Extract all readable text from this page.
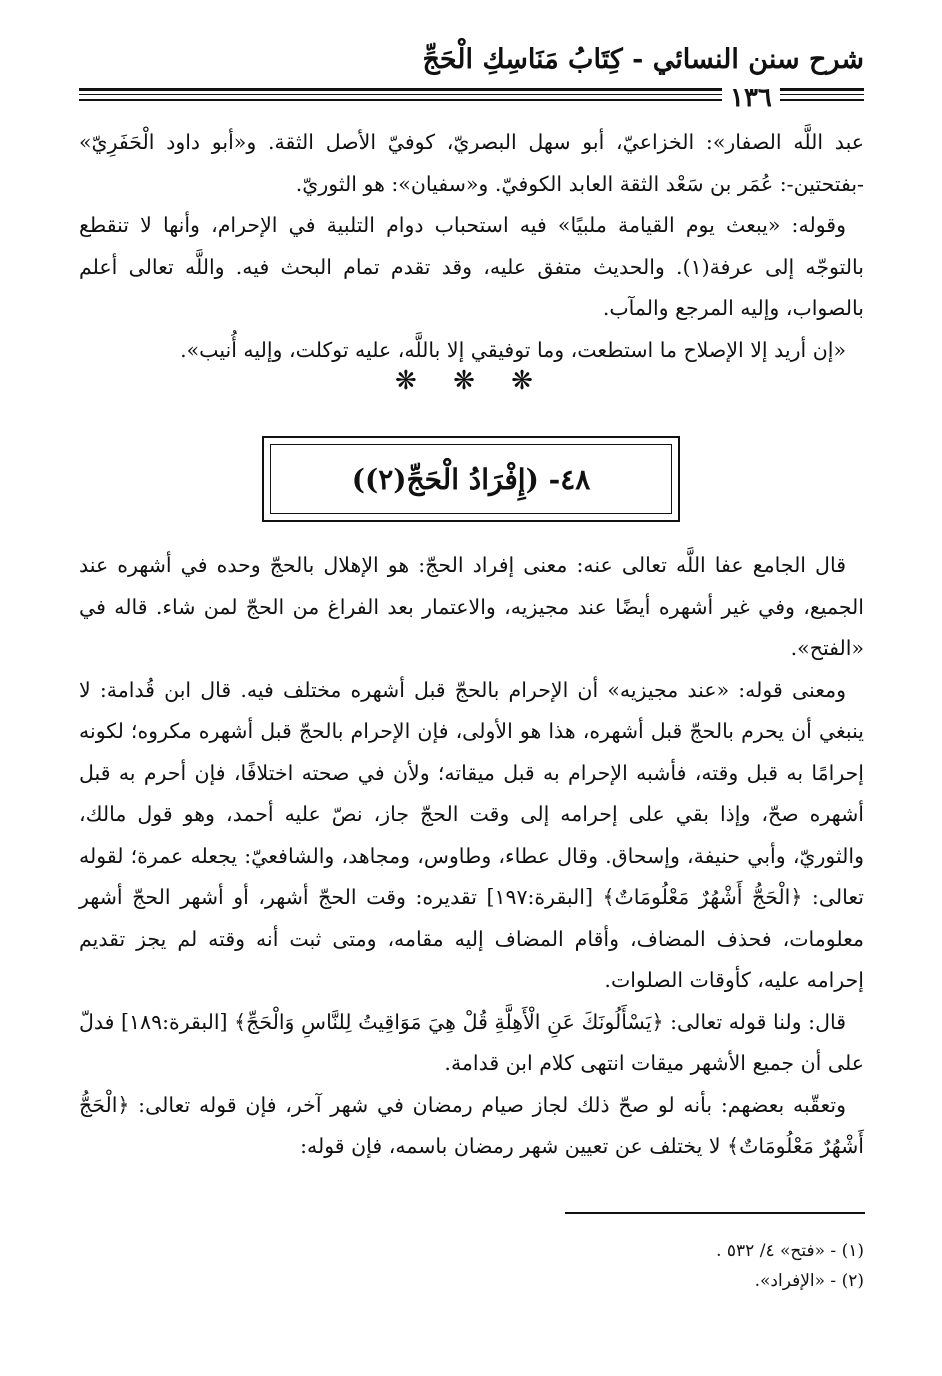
شرح سنن النسائي - كِتَابُ مَنَاسِكِ الْحَجِّ
١٣٦

عبد اللَّه الصفار»: الخزاعيّ، أبو سهل البصريّ، كوفيّ الأصل الثقة. و«أبو داود الْحَفَرِيّ» -بفتحتين-: عُمَر بن سَعْد الثقة العابد الكوفيّ. و«سفيان»: هو الثوريّ.

وقوله: «يبعث يوم القيامة ملبيًا» فيه استحباب دوام التلبية في الإحرام، وأنها لا تنقطع بالتوجّه إلى عرفة(١). والحديث متفق عليه، وقد تقدم تمام البحث فيه. واللَّه تعالى أعلم بالصواب، وإليه المرجع والمآب.

«إن أريد إلا الإصلاح ما استطعت، وما توفيقي إلا باللَّه، عليه توكلت، وإليه أُنيب».

❋ ❋ ❋
٤٨- (إِفْرَادُ الْحَجِّ(٢))

قال الجامع عفا اللَّه تعالى عنه: معنى إفراد الحجّ: هو الإهلال بالحجّ وحده في أشهره عند الجميع، وفي غير أشهره أيضًا عند مجيزيه، والاعتمار بعد الفراغ من الحجّ لمن شاء. قاله في «الفتح».

ومعنى قوله: «عند مجيزيه» أن الإحرام بالحجّ قبل أشهره مختلف فيه. قال ابن قُدامة: لا ينبغي أن يحرم بالحجّ قبل أشهره، هذا هو الأولى، فإن الإحرام بالحجّ قبل أشهره مكروه؛ لكونه إحرامًا به قبل وقته، فأشبه الإحرام به قبل ميقاته؛ ولأن في صحته اختلافًا، فإن أحرم به قبل أشهره صحّ، وإذا بقي على إحرامه إلى وقت الحجّ جاز، نصّ عليه أحمد، وهو قول مالك، والثوريّ، وأبي حنيفة، وإسحاق. وقال عطاء، وطاوس، ومجاهد، والشافعيّ: يجعله عمرة؛ لقوله تعالى: ﴿الْحَجُّ أَشْهُرٌ مَعْلُومَاتٌ﴾ [البقرة:١٩٧] تقديره: وقت الحجّ أشهر، أو أشهر الحجّ أشهر معلومات، فحذف المضاف، وأقام المضاف إليه مقامه، ومتى ثبت أنه وقته لم يجز تقديم إحرامه عليه، كأوقات الصلوات.

قال: ولنا قوله تعالى: ﴿يَسْأَلُونَكَ عَنِ الْأَهِلَّةِ قُلْ هِيَ مَوَاقِيتُ لِلنَّاسِ وَالْحَجِّ﴾ [البقرة:١٨٩] فدلّ على أن جميع الأشهر ميقات انتهى كلام ابن قدامة.

وتعقّبه بعضهم: بأنه لو صحّ ذلك لجاز صيام رمضان في شهر آخر، فإن قوله تعالى: ﴿الْحَجُّ أَشْهُرٌ مَعْلُومَاتٌ﴾ لا يختلف عن تعيين شهر رمضان باسمه، فإن قوله:

(١) - «فتح» ٤/ ٥٣٢ .

(٢) - «الإفراد».
